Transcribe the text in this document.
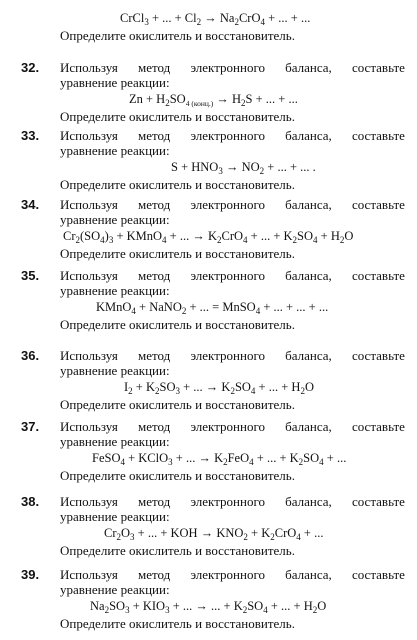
CrCl$_3$ + ... + $Cl_2 \to Na_2CrO_4$ + ... + ...
Определите окислитель и восстановитель.
32. Используя метод электронного баланса, составьте
уравнение реакции:
$Zn + H_2SO_{4 (конц.)} \to H_2S$ + ... + ...
Определите окислитель и восстановитель.
33. Используя метод электронного баланса, составьте
уравнение реакции:
$S + HNO_3 \to NO_2$ + ... + ... .
Определите окислитель и восстановитель.
34. Используя метод электронного баланса, составьте
уравнение реакции:
$Cr_2(SO_4)_3$ + KMnO$_4$ + ... → $K_2CrO_4$ + ... + $K_2SO_4 + H_2O$
Определите окислитель и восстановитель.
35. Используя метод электронного баланса, составьте
уравнение реакции:
KMnO$_4$ + NaNO$_2$ + ... = MnSO$_4$ + ... + ... + ...
Определите окислитель и восстановитель.
36. Используя метод электронного баланса, составьте
уравнение реакции:
$I_2 + K_2SO_3$ + ... → $K_2SO_4$ + ... + $H_2O$
Определите окислитель и восстановитель.
37. Используя метод электронного баланса, составьте
уравнение реакции:
FeSO$_4$ + KClO$_3$ + ... → $K_2FeO_4$ + ... + $K_2SO_4$ + ...
Определите окислитель и восстановитель.
38. Используя метод электронного баланса, составьте
уравнение реакции:
$Cr_2O_3$ + ... + KOH → $KNO_2 + K_2CrO_4$ + ...
Определите окислитель и восстановитель.
39. Используя метод электронного баланса, составьте
уравнение реакции:
$Na_2SO_3 + KIO_3$ + ... → ... + $K_2SO_4$ + ... + $H_2O$
Определите окислитель и восстановитель.
